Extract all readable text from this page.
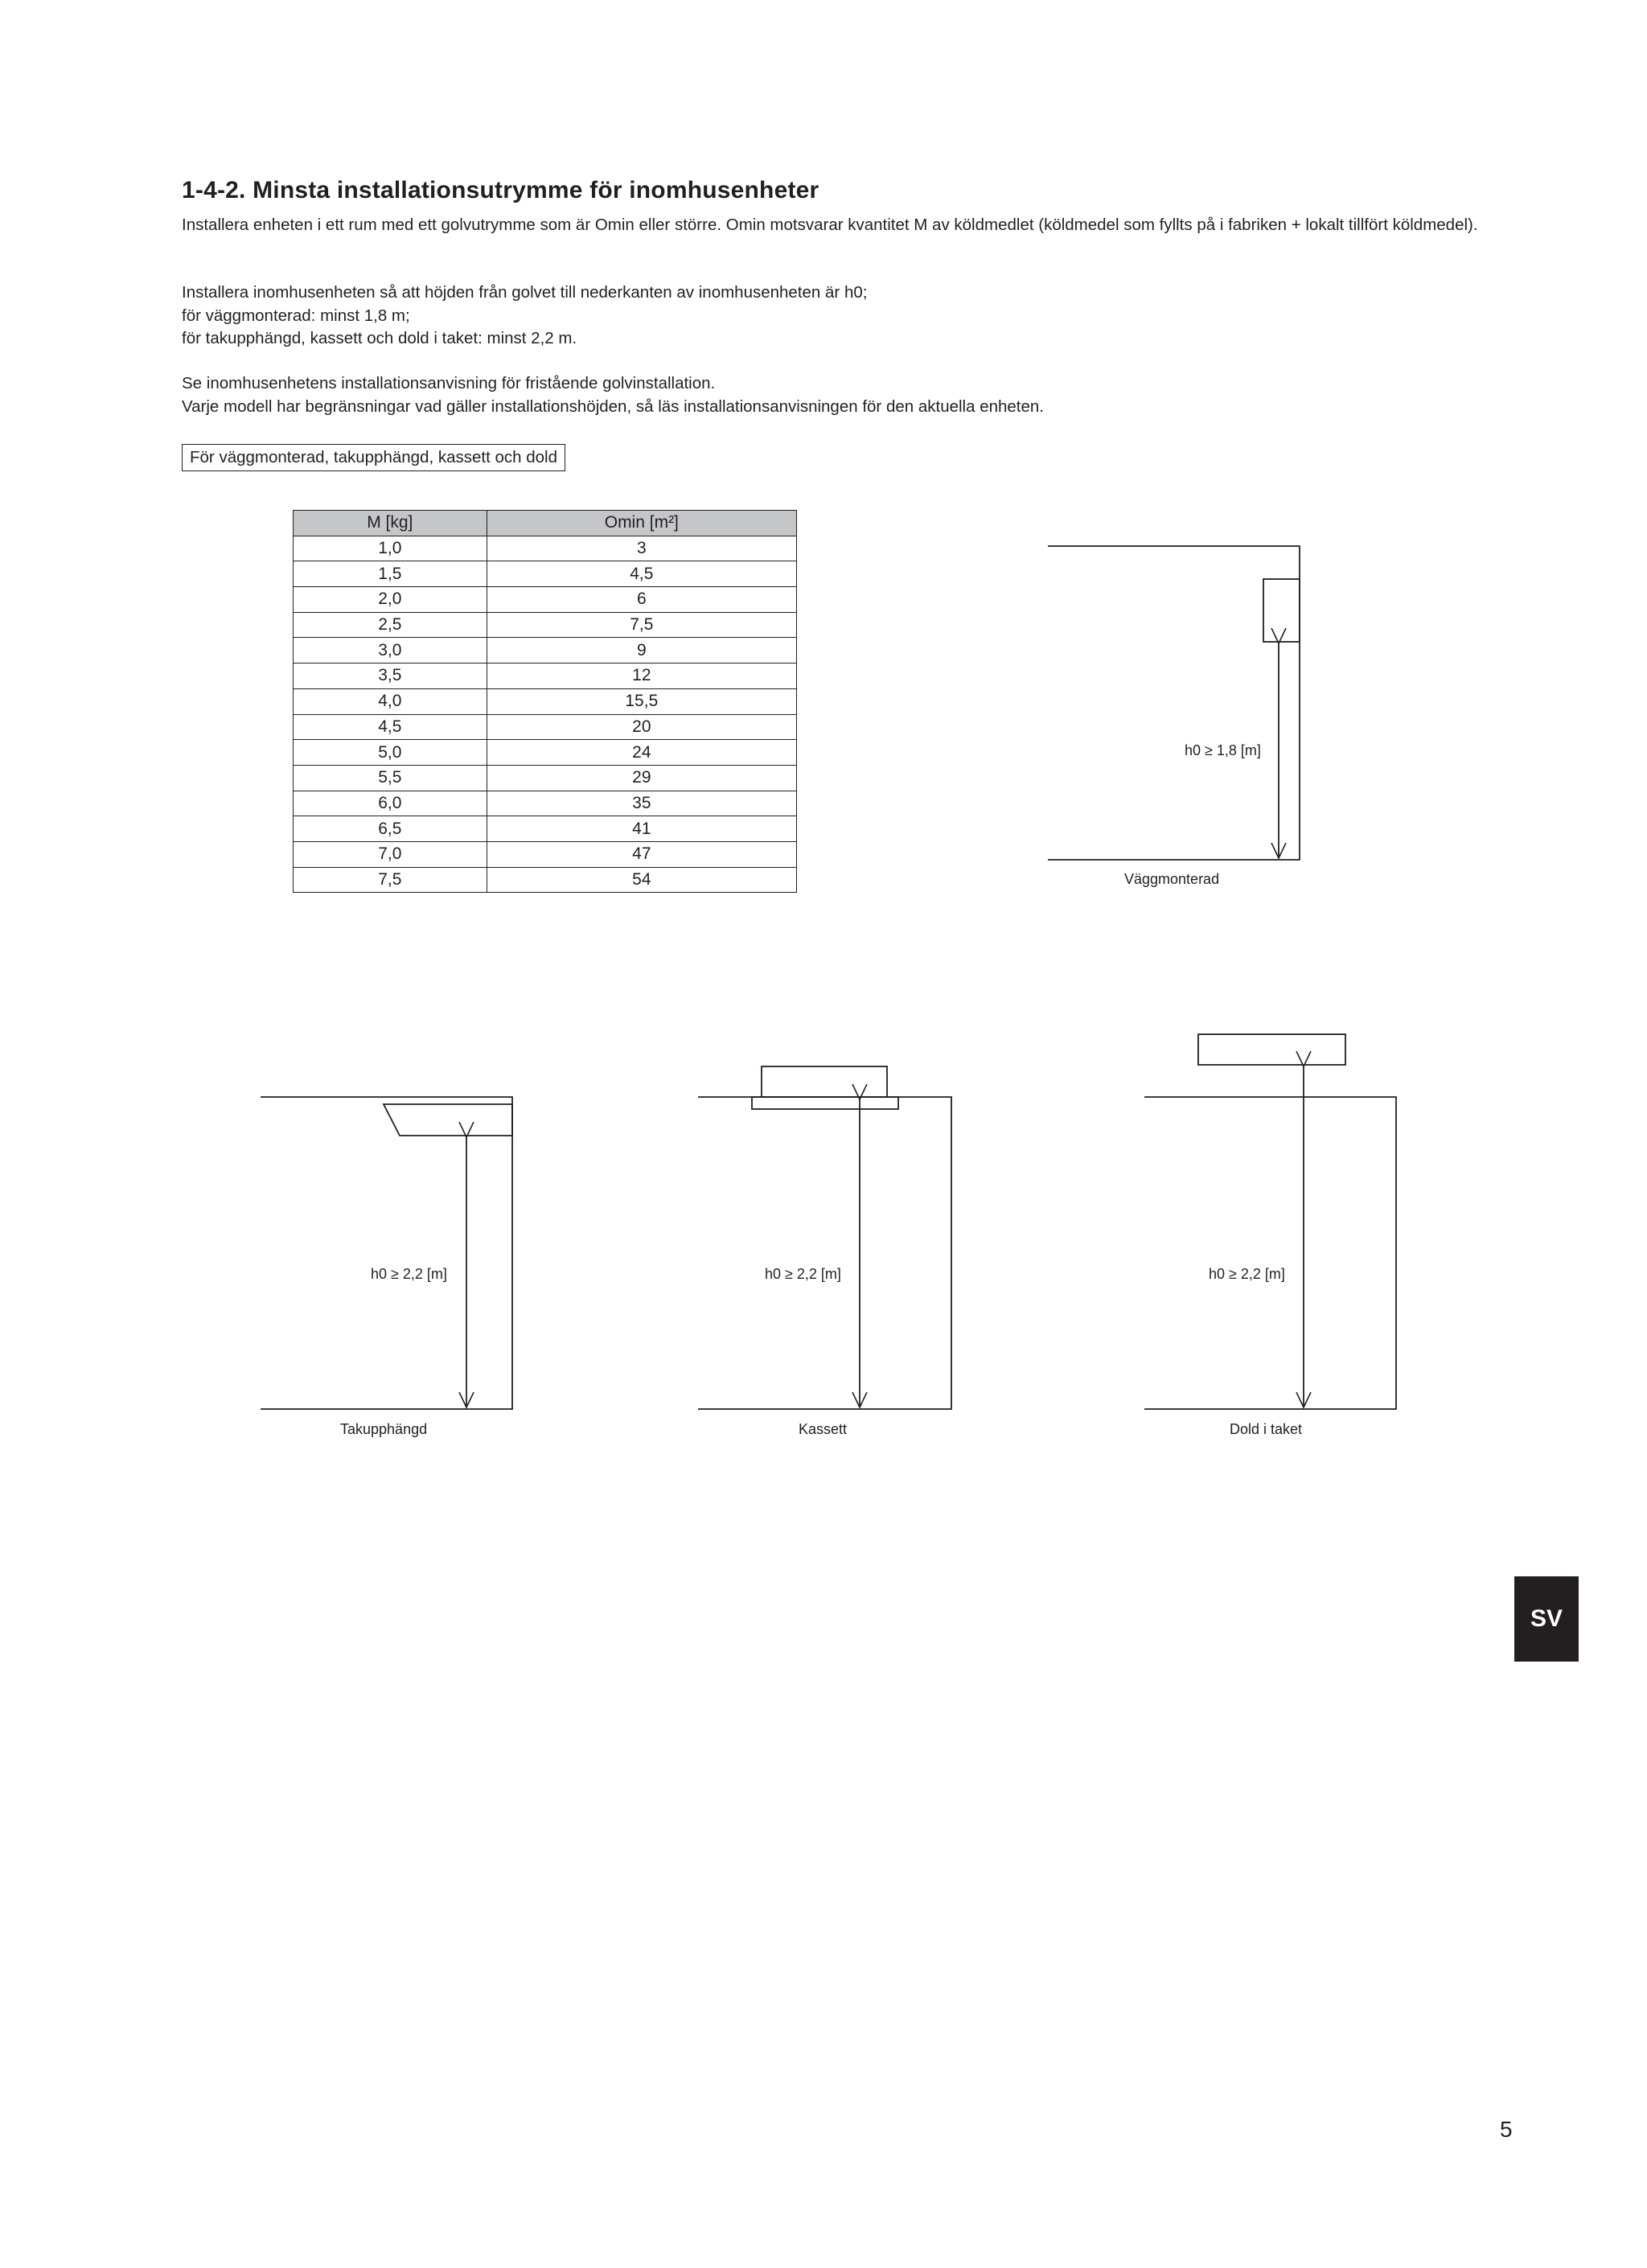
1-4-2. Minsta installationsutrymme för inomhusenheter

Installera enheten i ett rum med ett golvutrymme som är Omin eller större. Omin motsvarar kvantitet M av köldmedlet (köldmedel som fyllts på i fabriken + lokalt tillfört köldmedel).

Installera inomhusenheten så att höjden från golvet till nederkanten av inomhusenheten är h0;
för väggmonterad: minst 1,8 m;
för takupphängd, kassett och dold i taket: minst 2,2 m.
Se inomhusenhetens installationsanvisning för fristående golvinstallation.
Varje modell har begränsningar vad gäller installationshöjden, så läs installationsanvisningen för den aktuella enheten.
För väggmonterad, takupphängd, kassett och dold
M [kg]	Omin [m²]
1,0	3
1,5	4,5
2,0	6
2,5	7,5
3,0	9
3,5	12
4,0	15,5
4,5	20
5,0	24
5,5	29
6,0	35
6,5	41
7,0	47
7,5	54
h0 ≥ 1,8 [m]
Väggmonterad
h0 ≥ 2,2 [m]
Takupphängd
h0 ≥ 2,2 [m]
Kassett
h0 ≥ 2,2 [m]
Dold i taket
SV
5
